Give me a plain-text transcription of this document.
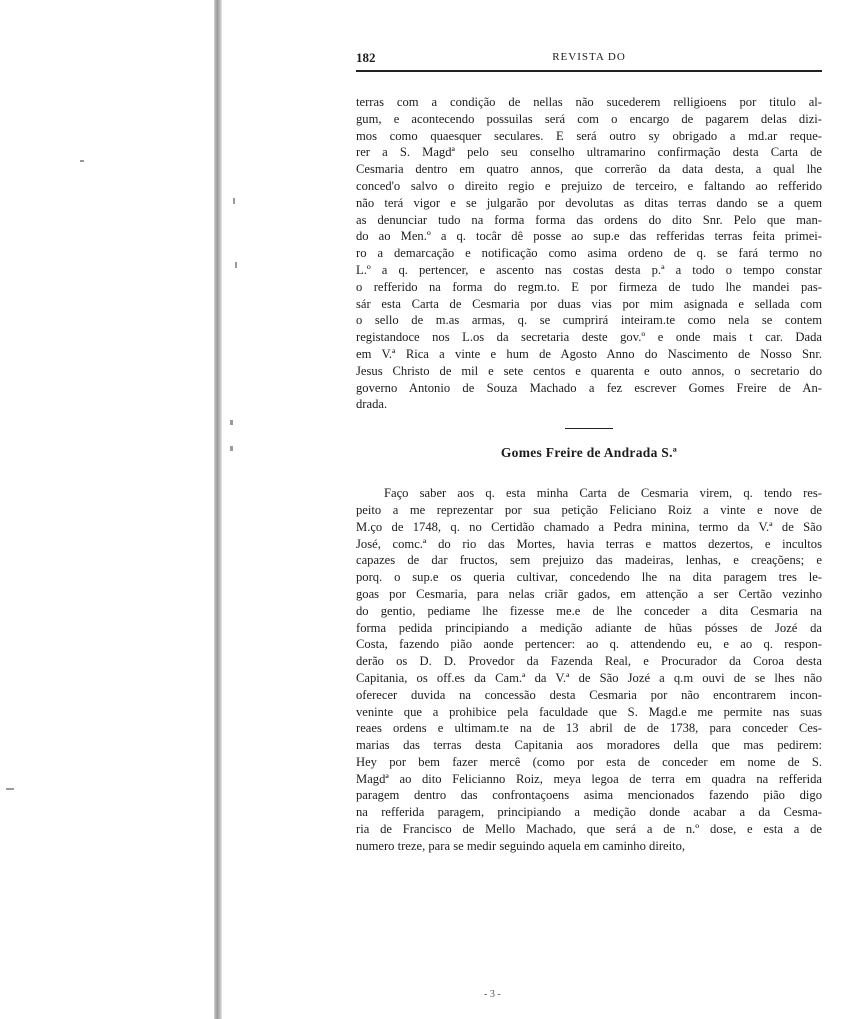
182	REVISTA DO
terras com a condição de nellas não sucederem relligioens por titulo al-
gum, e acontecendo possuilas será com o encargo de pagarem delas dizi-
mos como quaesquer seculares. E será outro sy obrigado a md.ar reque-
rer a S. Magdª pelo seu conselho ultramarino confirmação desta Carta de
Cesmaria dentro em quatro annos, que correrão da data desta, a qual lhe
conced'o salvo o direito regio e prejuizo de terceiro, e faltando ao refferido
não terá vigor e se julgarão por devolutas as ditas terras dando se a quem
as denunciar tudo na forma forma das ordens do dito Snr. Pelo que man-
do ao Men.º a q. tocâr dê posse ao sup.e das refferidas terras feita primei-
ro a demarcação e notificação como asima ordeno de q. se fará termo no
L.º a q. pertencer, e ascento nas costas desta p.ª a todo o tempo constar
o refferido na forma do regm.to. E por firmeza de tudo lhe mandei pas-
sár esta Carta de Cesmaria por duas vias por mim asignada e sellada com
o sello de m.as armas, q. se cumprirá inteiram.te como nela se contem
registandoce nos L.os da secretaria deste gov.º e onde mais t car. Dada
em V.ª Rica a vinte e hum de Agosto Anno do Nascimento de Nosso Snr.
Jesus Christo de mil e sete centos e quarenta e outo annos, o secretario do
governo Antonio de Souza Machado a fez escrever Gomes Freire de An-
drada.
Gomes Freire de Andrada S.ª
Faço saber aos q. esta minha Carta de Cesmaria virem, q. tendo res-
peito a me reprezentar por sua petição Feliciano Roiz a vinte e nove de
M.ço de 1748, q. no Certidão chamado a Pedra minina, termo da V.ª de São
José, comc.ª do rio das Mortes, havia terras e mattos dezertos, e incultos
capazes de dar fructos, sem prejuizo das madeiras, lenhas, e creaçõens; e
porq. o sup.e os queria cultivar, concedendo lhe na dita paragem tres le-
goas por Cesmaria, para nelas criãr gados, em attenção a ser Certão vezinho
do gentio, pediame lhe fizesse me.e de lhe conceder a dita Cesmaria na
forma pedida principiando a medição adiante de hũas pósses de Jozé da
Costa, fazendo pião aonde pertencer: ao q. attendendo eu, e ao q. respon-
derão os D. D. Provedor da Fazenda Real, e Procurador da Coroa desta
Capitania, os off.es da Cam.ª da V.ª de São Jozé a q.m ouvi de se lhes não
oferecer duvida na concessão desta Cesmaria por não encontrarem incon-
veninte que a prohibice pela faculdade que S. Magd.e me permite nas suas
reaes ordens e ultimam.te na de 13 abril de de 1738, para conceder Ces-
marias das terras desta Capitania aos moradores della que mas pedirem:
Hey por bem fazer mercê (como por esta de conceder em nome de S.
Magdª ao dito Felicianno Roiz, meya legoa de terra em quadra na refferida
paragem dentro das confrontaçoens asima mencionados fazendo pião digo
na refferida paragem, principiando a medição donde acabar a da Cesma-
ria de Francisco de Mello Machado, que será a de n.º dose, e esta a de
numero treze, para se medir seguindo aquela em caminho direito,
- 3 -
